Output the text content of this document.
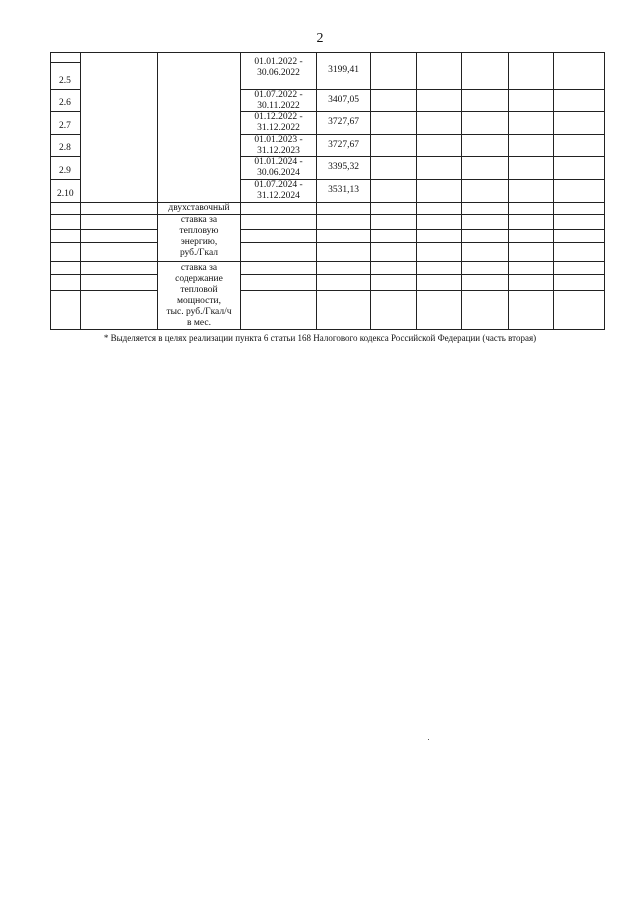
2
2.5
2.6
2.7
2.8
2.9
2.10
01.01.2022 -
30.06.2022
01.07.2022 -
30.11.2022
01.12.2022 -
31.12.2022
01.01.2023 -
31.12.2023
01.01.2024 -
30.06.2024
01.07.2024 -
31.12.2024
3199,41
3407,05
3727,67
3727,67
3395,32
3531,13
двухставочный
ставка за
тепловую
энергию,
руб./Гкал
ставка за
содержание
тепловой
мощности,
тыс. руб./Гкал/ч
в мес.
* Выделяется в целях реализации пункта 6 статьи 168 Налогового кодекса Российской Федерации (часть вторая)
